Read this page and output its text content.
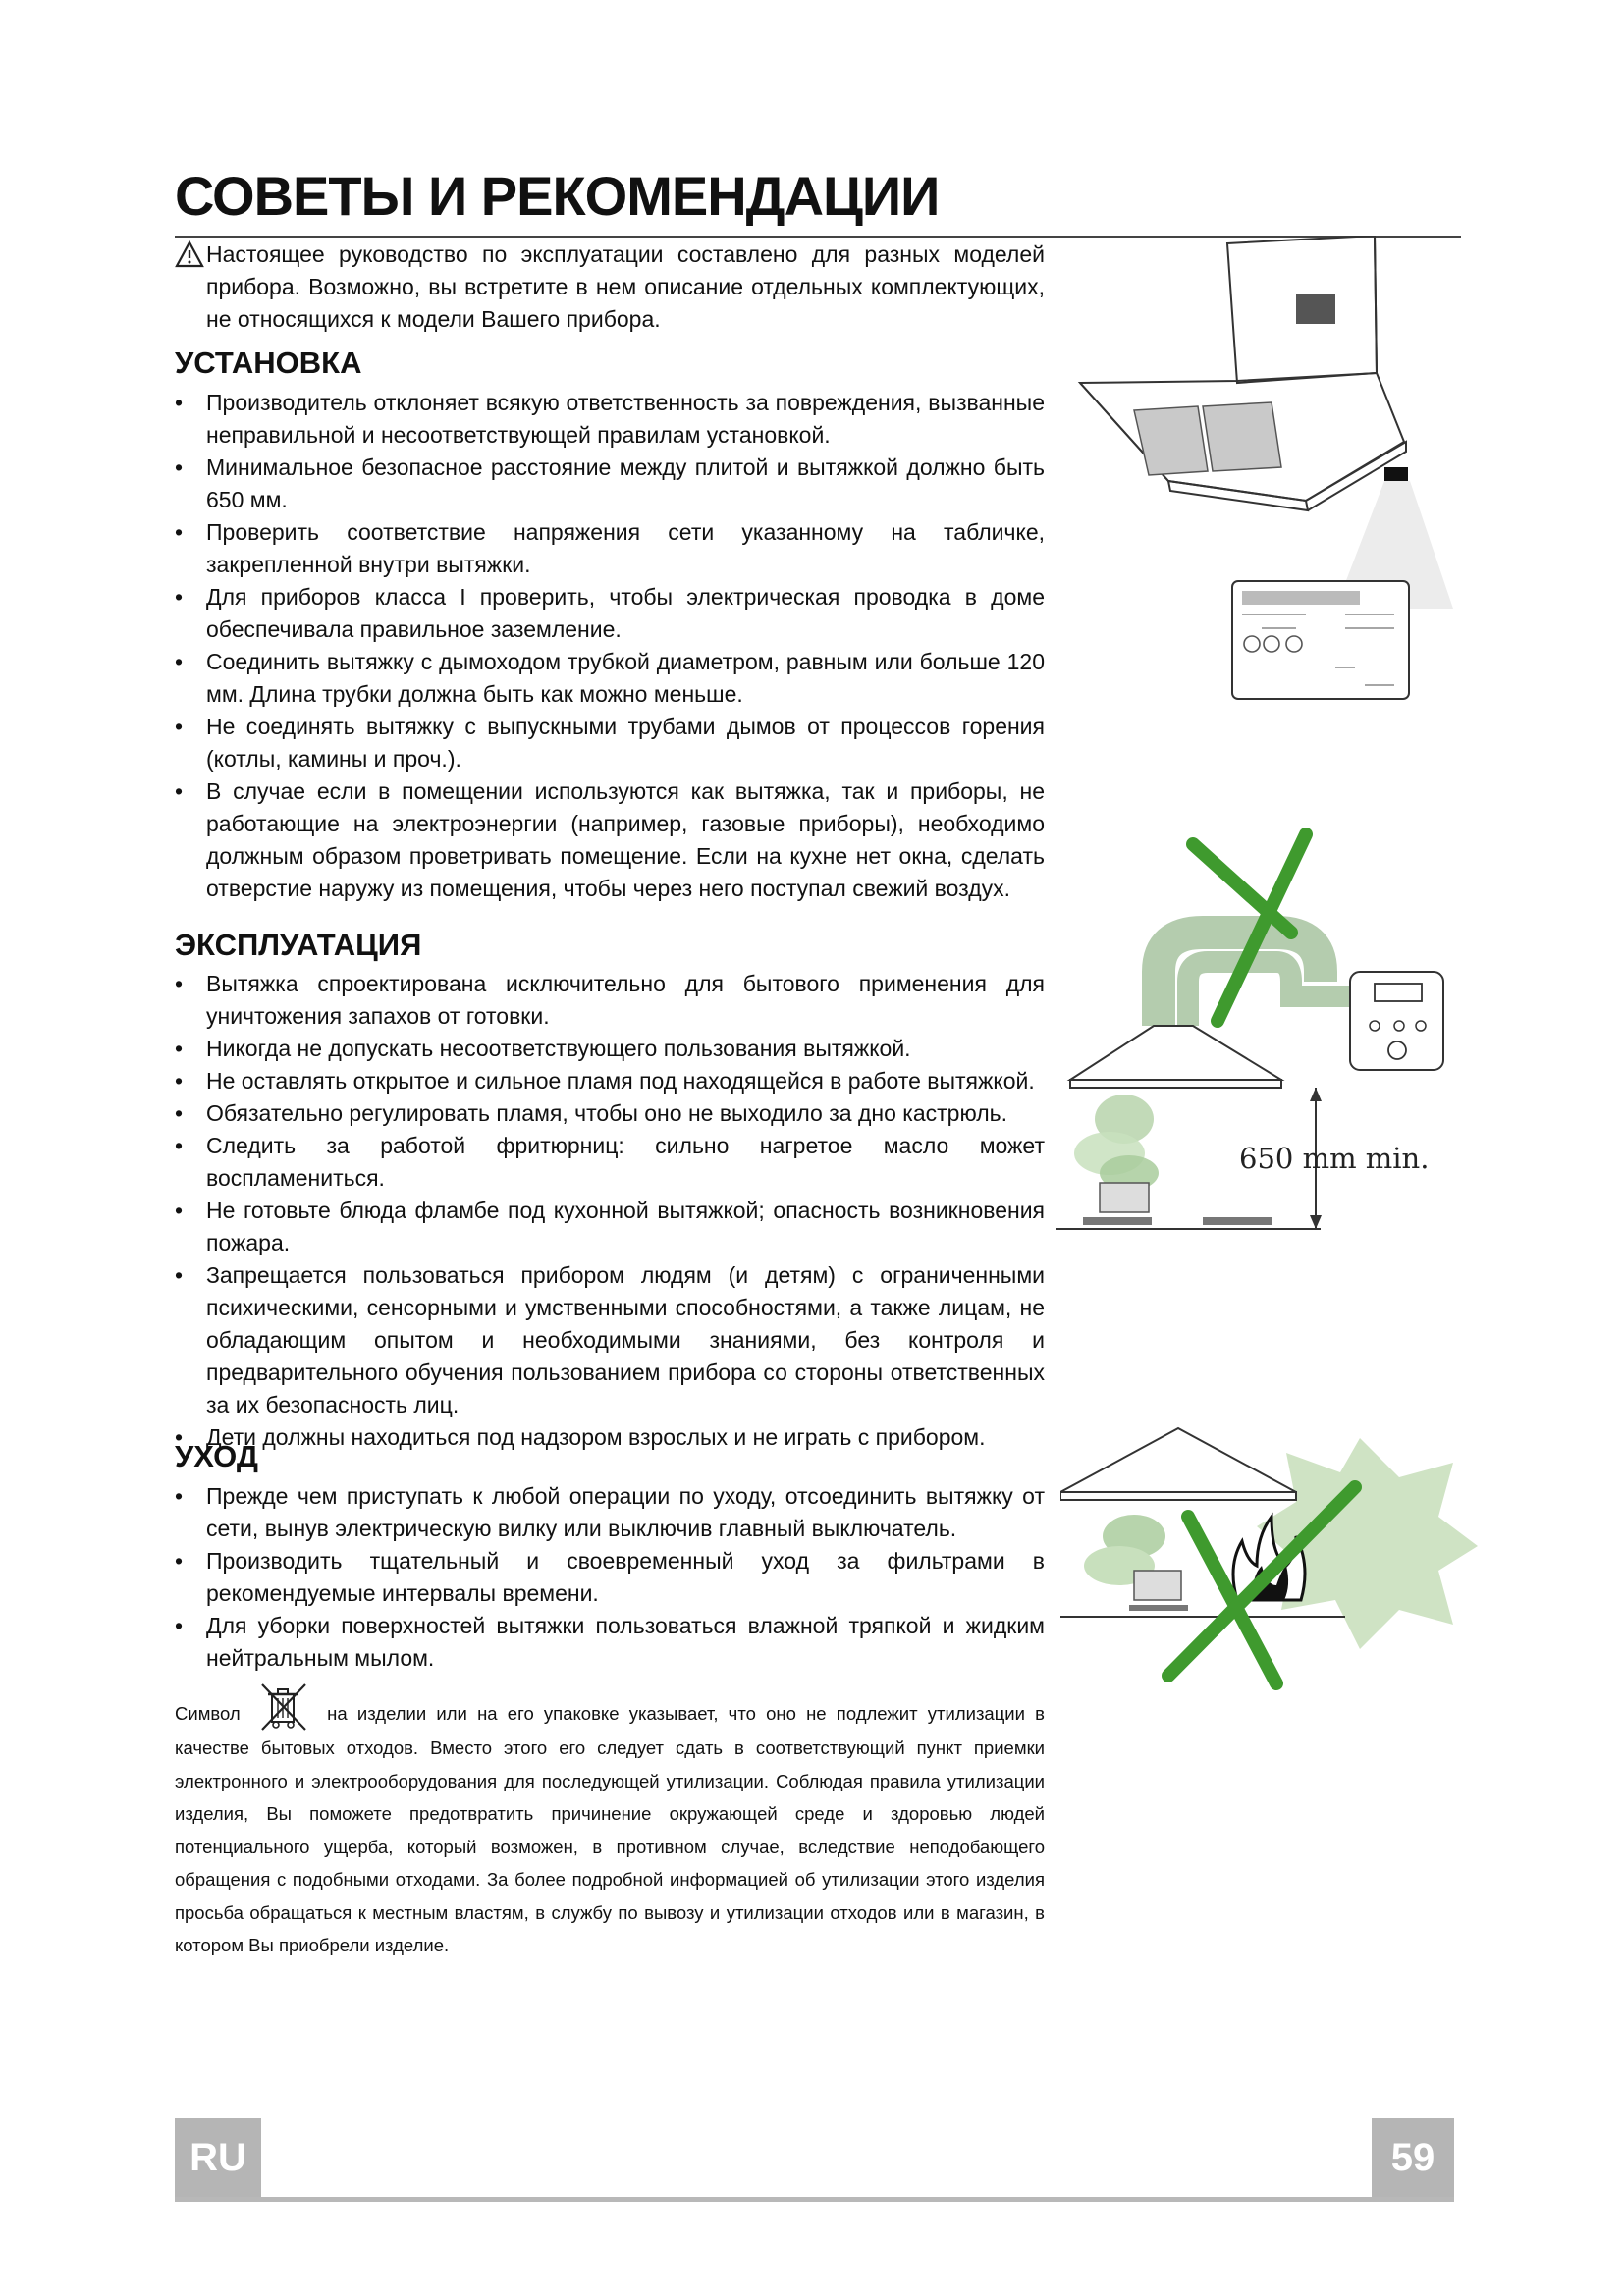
СОВЕТЫ И РЕКОМЕНДАЦИИ
Настоящее руководство по эксплуатации составлено для разных моделей прибора. Возможно, вы встретите в нем описание отдельных комплектующих, не относящихся к модели Вашего прибора.
УСТАНОВКА
• Производитель отклоняет всякую ответственность за повреждения, вызванные неправильной и несоответствующей правилам установкой.
• Минимальное безопасное расстояние между плитой и вытяжкой должно быть 650 мм.
• Проверить соответствие напряжения сети указанному на табличке, закрепленной внутри вытяжки.
• Для приборов класса I проверить, чтобы электрическая проводка в доме обеспечивала правильное заземление.
• Соединить вытяжку с дымоходом трубкой диаметром, равным или больше 120 мм. Длина трубки должна быть как можно меньше.
• Не соединять вытяжку с выпускными трубами дымов от процессов горения (котлы, камины и проч.).
• В случае если в помещении используются как вытяжка, так и приборы, не работающие на электроэнергии (например, газовые приборы), необходимо должным образом проветривать помещение. Если на кухне нет окна, сделать отверстие наружу из помещения, чтобы через него поступал свежий воздух.
ЭКСПЛУАТАЦИЯ
• Вытяжка спроектирована исключительно для бытового применения для уничтожения запахов от готовки.
• Никогда не допускать несоответствующего пользования вытяжкой.
• Не оставлять открытое и сильное пламя под находящейся в работе вытяжкой.
• Обязательно регулировать пламя, чтобы оно не выходило за дно кастрюль.
• Следить за работой фритюрниц: сильно нагретое масло может воспламениться.
• Не готовьте блюда фламбе под кухонной вытяжкой; опасность возникновения пожара.
• Запрещается пользоваться прибором людям (и детям) с ограниченными психическими, сенсорными и умственными способностями, а также лицам, не обладающим опытом и необходимыми знаниями, без контроля и предварительного обучения пользованием прибора со стороны ответственных за их безопасность лиц.
• Дети должны находиться под надзором взрослых и не играть с прибором.
УХОД
• Прежде чем приступать к любой операции по уходу, отсоединить вытяжку от сети, вынув электрическую вилку или выключив главный выключатель.
• Производить тщательный и своевременный уход за фильтрами в рекомендуемые интервалы времени.
• Для уборки поверхностей вытяжки пользоваться влажной тряпкой и жидким нейтральным мылом.
Символ	на изделии или на его упаковке указывает, что оно не подлежит утилизации в качестве бытовых отходов. Вместо этого его следует сдать в соответствующий пункт приемки электронного и электрооборудования для последующей утилизации. Соблюдая правила утилизации изделия, Вы поможете предотвратить причинение окружающей среде и здоровью людей потенциального ущерба, который возможен, в противном случае, вследствие неподобающего обращения с подобными отходами. За более подробной информацией об утилизации этого изделия просьба обращаться к местным властям, в службу по вывозу и утилизации отходов или в магазин, в котором Вы приобрели изделие.
650 mm min.
RU	59
